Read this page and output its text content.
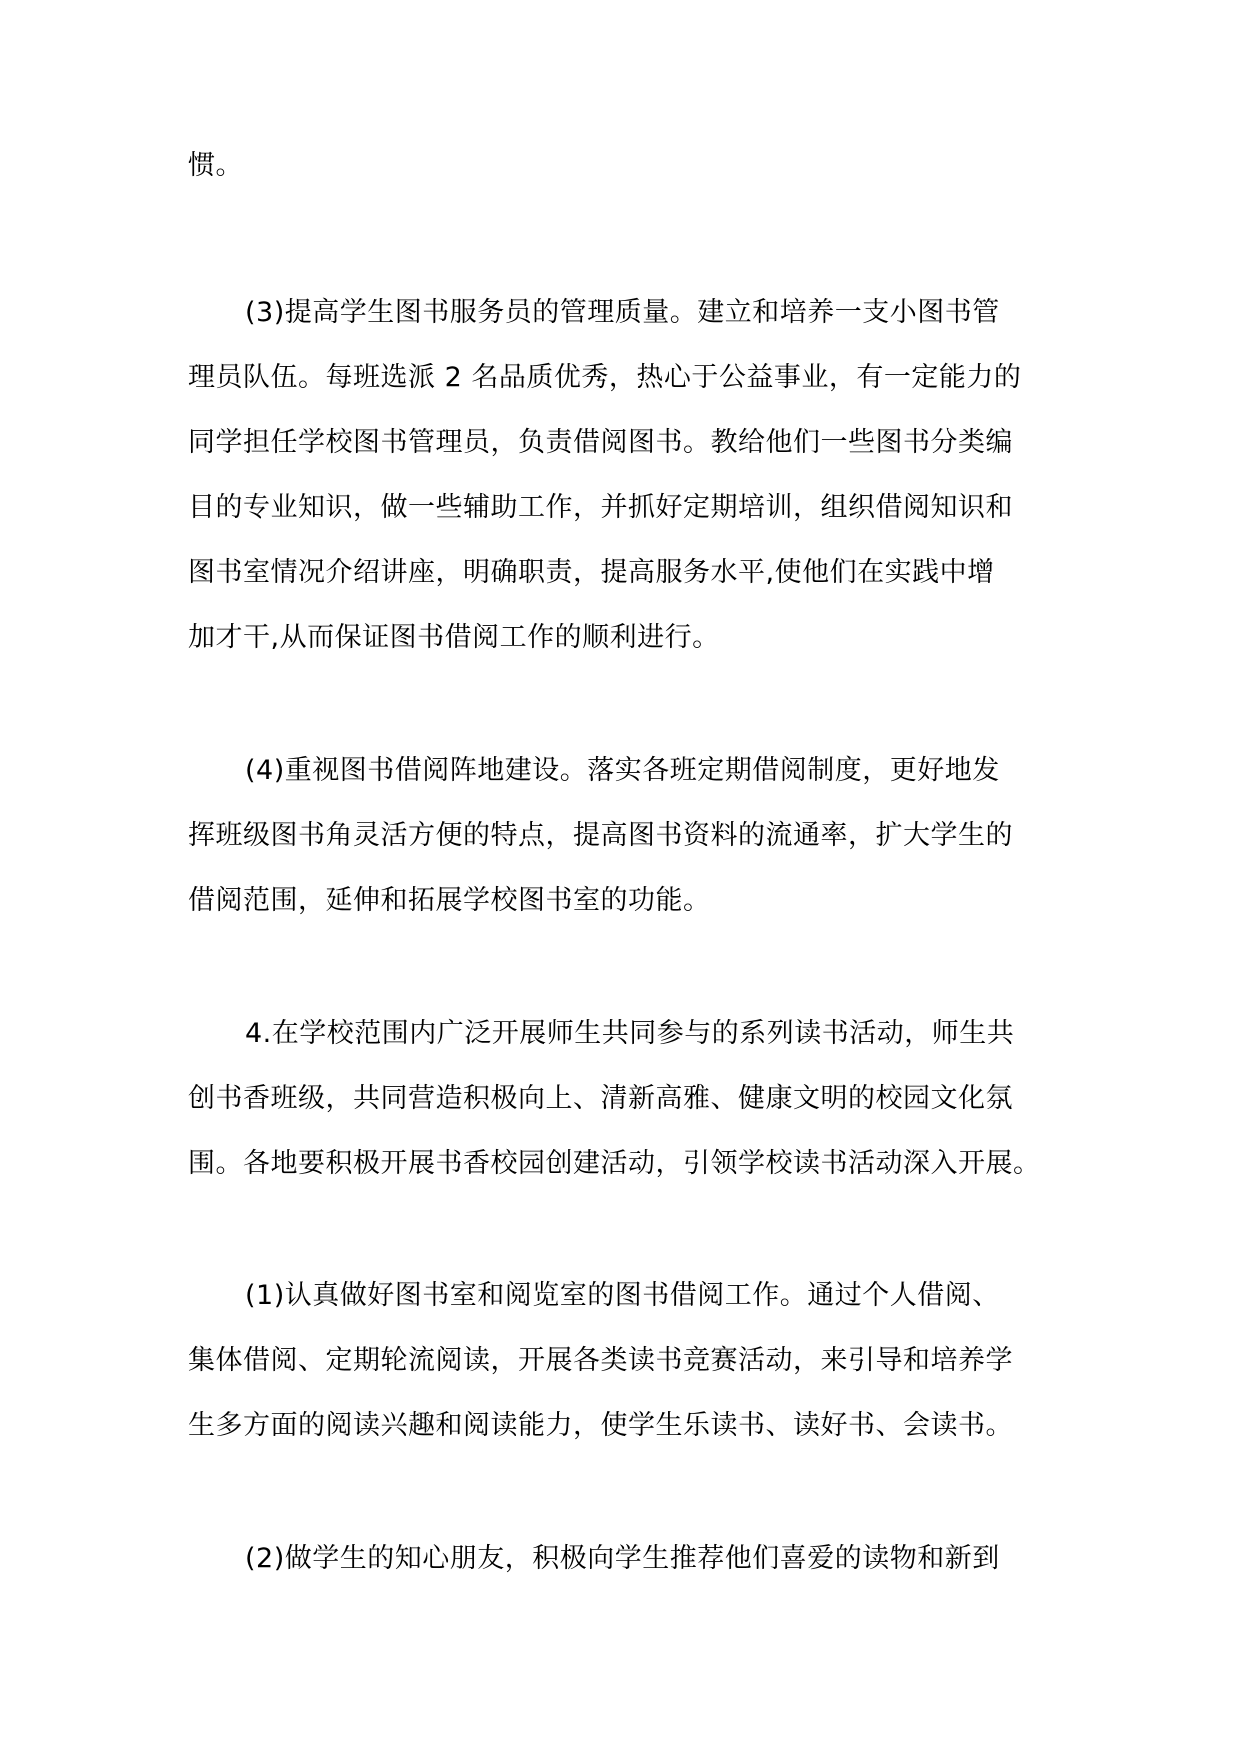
惯。
(3)提高学生图书服务员的管理质量。建立和培养一支小图书管
理员队伍。每班选派 2 名品质优秀，热心于公益事业，有一定能力的
同学担任学校图书管理员，负责借阅图书。教给他们一些图书分类编
目的专业知识，做一些辅助工作，并抓好定期培训，组织借阅知识和
图书室情况介绍讲座，明确职责，提高服务水平,使他们在实践中增
加才干,从而保证图书借阅工作的顺利进行。
(4)重视图书借阅阵地建设。落实各班定期借阅制度，更好地发
挥班级图书角灵活方便的特点，提高图书资料的流通率，扩大学生的
借阅范围，延伸和拓展学校图书室的功能。
4.在学校范围内广泛开展师生共同参与的系列读书活动，师生共
创书香班级，共同营造积极向上、清新高雅、健康文明的校园文化氛
围。各地要积极开展书香校园创建活动，引领学校读书活动深入开展。
(1)认真做好图书室和阅览室的图书借阅工作。通过个人借阅、
集体借阅、定期轮流阅读，开展各类读书竞赛活动，来引导和培养学
生多方面的阅读兴趣和阅读能力，使学生乐读书、读好书、会读书。
(2)做学生的知心朋友，积极向学生推荐他们喜爱的读物和新到
